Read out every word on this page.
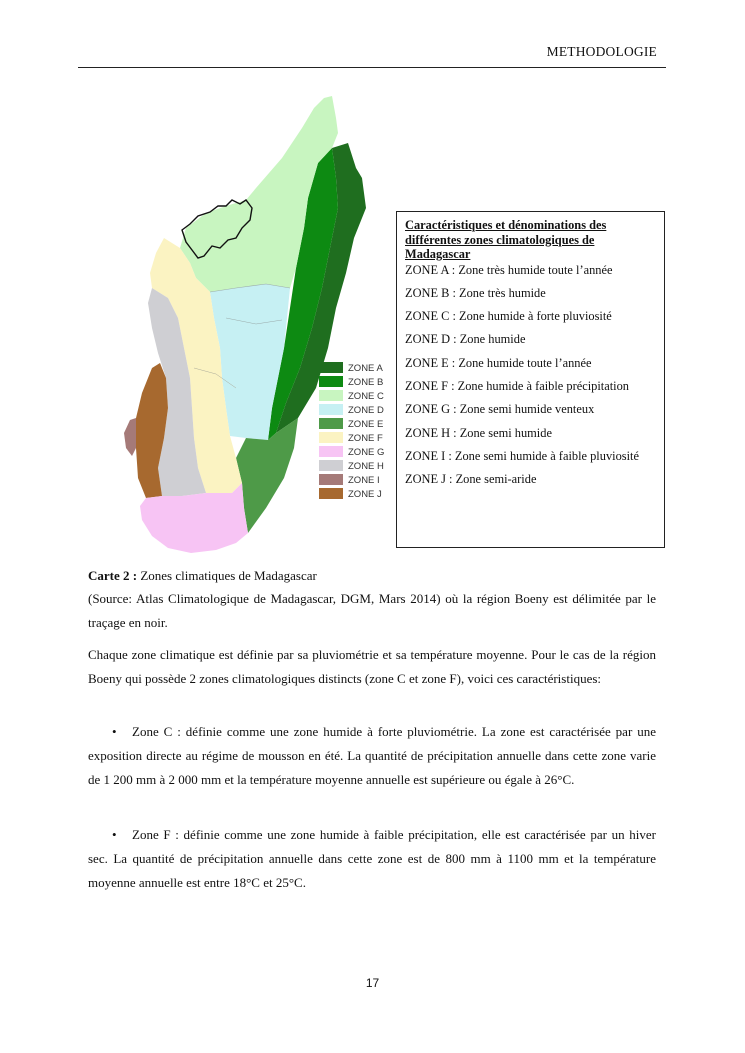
METHODOLOGIE
ZONE A
ZONE B
ZONE C
ZONE D
ZONE E
ZONE F
ZONE G
ZONE H
ZONE I
ZONE J
Caractéristiques et dénominations des différentes zones climatologiques de Madagascar
ZONE A : Zone très humide toute l’année
ZONE B : Zone très humide
ZONE C : Zone humide à forte pluviosité
ZONE D : Zone humide
ZONE E : Zone humide toute l’année
ZONE F : Zone humide à faible précipitation
ZONE G : Zone semi humide venteux
ZONE H : Zone semi humide
ZONE I : Zone semi humide à faible pluviosité
ZONE J : Zone semi-aride
Carte 2 : Zones climatiques de Madagascar
(Source: Atlas Climatologique de Madagascar, DGM, Mars 2014) où la région Boeny est délimitée par le traçage en noir.
Chaque zone climatique est définie par sa pluviométrie et sa température moyenne. Pour le cas de la région Boeny qui possède 2 zones climatologiques distincts (zone C et zone F), voici ces caractéristiques:
• Zone C : définie comme une zone humide à forte pluviométrie. La zone est caractérisée par une exposition directe au régime de mousson en été. La quantité de précipitation annuelle dans cette zone varie de 1 200 mm à 2 000 mm et la température moyenne annuelle est supérieure ou égale à 26°C.
• Zone F : définie comme une zone humide à faible précipitation, elle est caractérisée par un hiver sec. La quantité de précipitation annuelle dans cette zone est de 800 mm à 1100 mm et la température moyenne annuelle est entre 18°C et 25°C.
17
